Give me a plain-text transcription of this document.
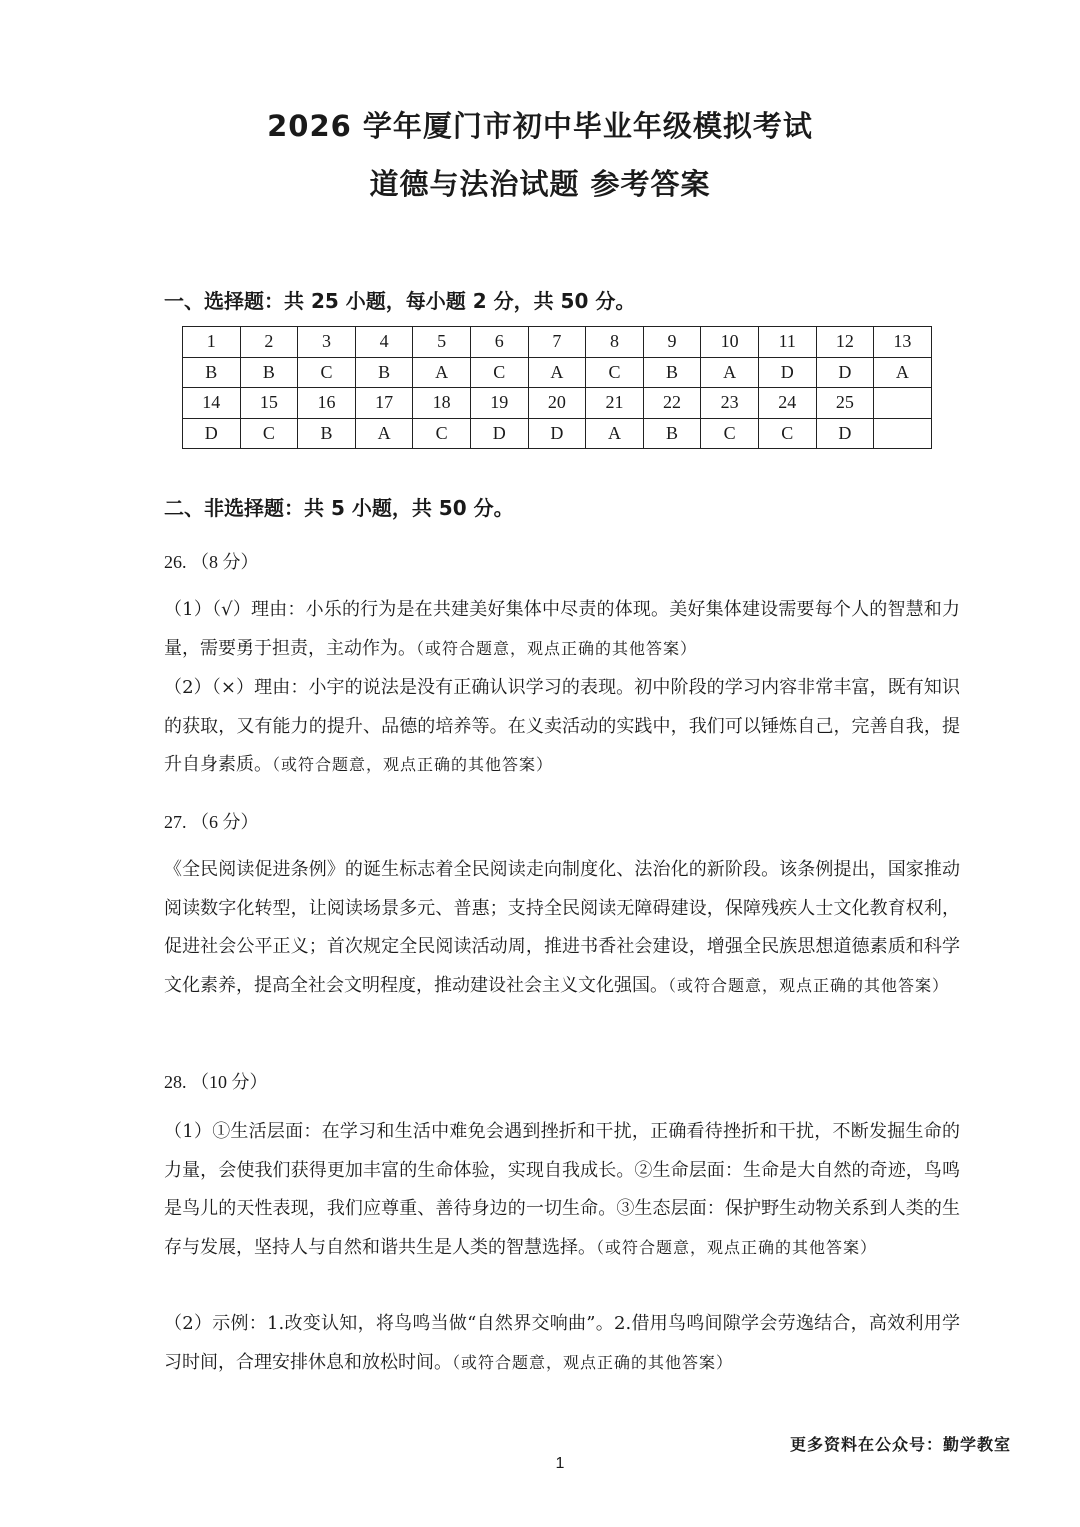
2026 学年厦门市初中毕业年级模拟考试
道德与法治试题 参考答案
一、选择题：共 25 小题，每小题 2 分，共 50 分。
1	2	3	4	5	6	7	8	9	10	11	12	13
B	B	C	B	A	C	A	C	B	A	D	D	A
14	15	16	17	18	19	20	21	22	23	24	25	
D	C	B	A	C	D	D	A	B	C	C	D	
二、非选择题：共 5 小题，共 50 分。
26. （8 分）
（1）（√）理由：小乐的行为是在共建美好集体中尽责的体现。美好集体建设需要每个人的智慧和力量，需要勇于担责，主动作为。（或符合题意，观点正确的其他答案）
（2）（×）理由：小宇的说法是没有正确认识学习的表现。初中阶段的学习内容非常丰富，既有知识的获取，又有能力的提升、品德的培养等。在义卖活动的实践中，我们可以锤炼自己，完善自我，提升自身素质。（或符合题意，观点正确的其他答案）
27. （6 分）
《全民阅读促进条例》的诞生标志着全民阅读走向制度化、法治化的新阶段。该条例提出，国家推动阅读数字化转型，让阅读场景多元、普惠；支持全民阅读无障碍建设，保障残疾人士文化教育权利，促进社会公平正义；首次规定全民阅读活动周，推进书香社会建设，增强全民族思想道德素质和科学文化素养，提高全社会文明程度，推动建设社会主义文化强国。（或符合题意，观点正确的其他答案）
28. （10 分）
（1）①生活层面：在学习和生活中难免会遇到挫折和干扰，正确看待挫折和干扰，不断发掘生命的力量，会使我们获得更加丰富的生命体验，实现自我成长。②生命层面：生命是大自然的奇迹，鸟鸣是鸟儿的天性表现，我们应尊重、善待身边的一切生命。③生态层面：保护野生动物关系到人类的生存与发展，坚持人与自然和谐共生是人类的智慧选择。（或符合题意，观点正确的其他答案）
（2）示例：1.改变认知，将鸟鸣当做“自然界交响曲”。2.借用鸟鸣间隙学会劳逸结合，高效利用学习时间，合理安排休息和放松时间。（或符合题意，观点正确的其他答案）
更多资料在公众号：勤学教室
1
